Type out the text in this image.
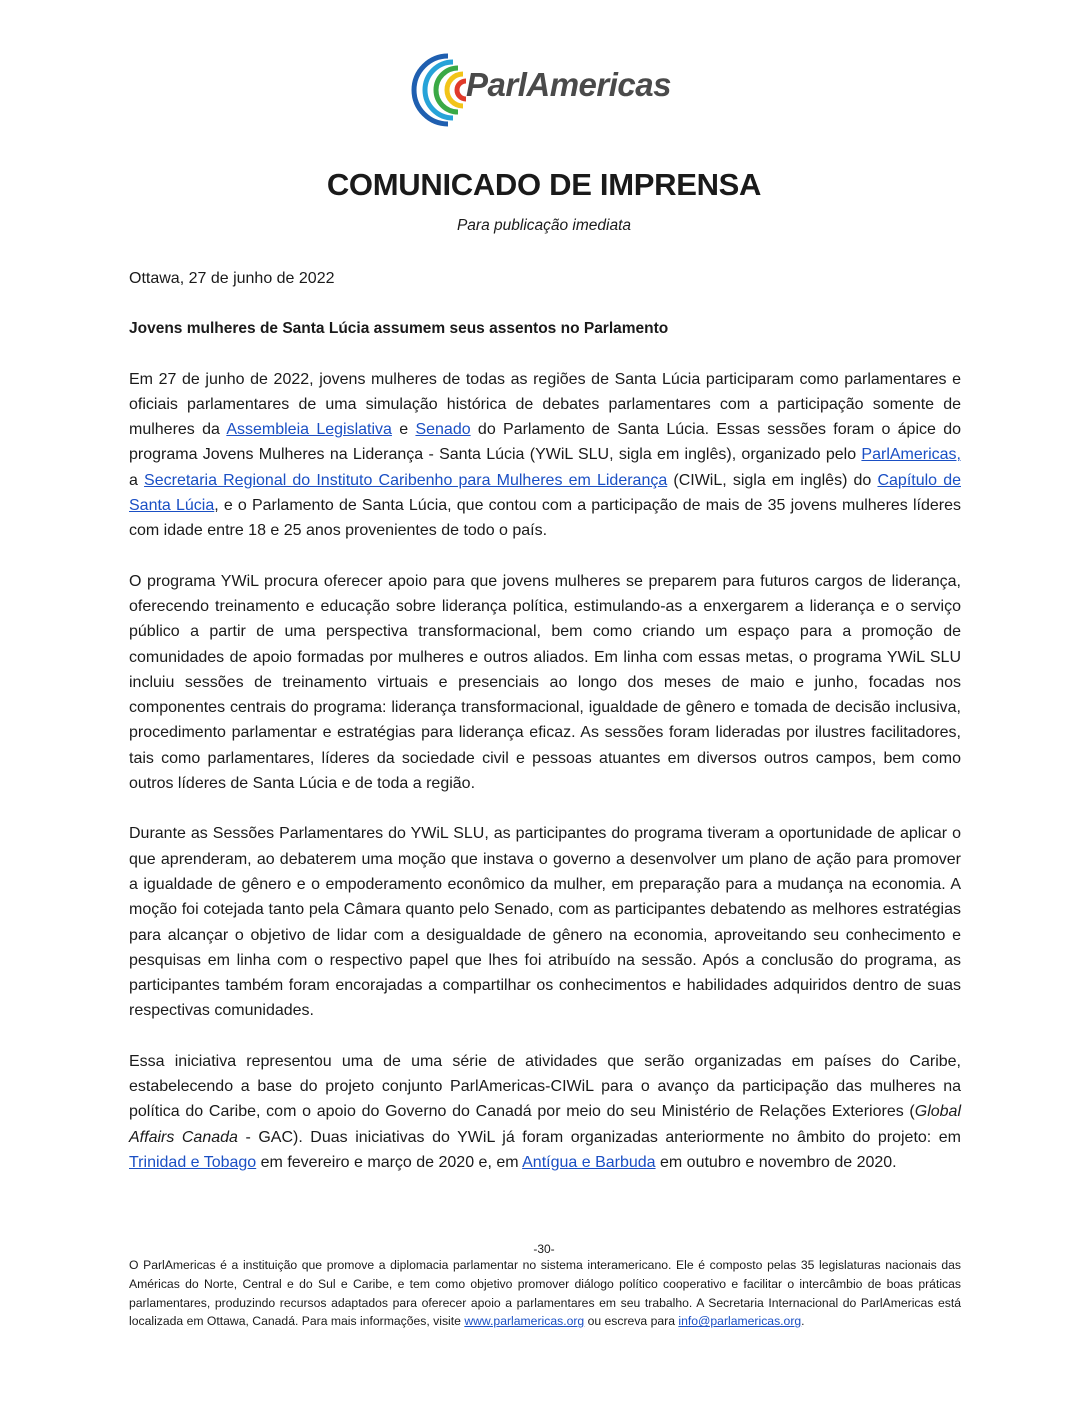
ParlAmericas
COMUNICADO DE IMPRENSA

Para publicação imediata

Ottawa, 27 de junho de 2022

Jovens mulheres de Santa Lúcia assumem seus assentos no Parlamento

Em 27 de junho de 2022, jovens mulheres de todas as regiões de Santa Lúcia participaram como parlamentares e oficiais parlamentares de uma simulação histórica de debates parlamentares com a participação somente de mulheres da Assembleia Legislativa e Senado do Parlamento de Santa Lúcia. Essas sessões foram o ápice do programa Jovens Mulheres na Liderança - Santa Lúcia (YWiL SLU, sigla em inglês), organizado pelo ParlAmericas, a Secretaria Regional do Instituto Caribenho para Mulheres em Liderança (CIWiL, sigla em inglês) do Capítulo de Santa Lúcia, e o Parlamento de Santa Lúcia, que contou com a participação de mais de 35 jovens mulheres líderes com idade entre 18 e 25 anos provenientes de todo o país.

O programa YWiL procura oferecer apoio para que jovens mulheres se preparem para futuros cargos de liderança, oferecendo treinamento e educação sobre liderança política, estimulando-as a enxergarem a liderança e o serviço público a partir de uma perspectiva transformacional, bem como criando um espaço para a promoção de comunidades de apoio formadas por mulheres e outros aliados. Em linha com essas metas, o programa YWiL SLU incluiu sessões de treinamento virtuais e presenciais ao longo dos meses de maio e junho, focadas nos componentes centrais do programa: liderança transformacional, igualdade de gênero e tomada de decisão inclusiva, procedimento parlamentar e estratégias para liderança eficaz. As sessões foram lideradas por ilustres facilitadores, tais como parlamentares, líderes da sociedade civil e pessoas atuantes em diversos outros campos, bem como outros líderes de Santa Lúcia e de toda a região.

Durante as Sessões Parlamentares do YWiL SLU, as participantes do programa tiveram a oportunidade de aplicar o que aprenderam, ao debaterem uma moção que instava o governo a desenvolver um plano de ação para promover a igualdade de gênero e o empoderamento econômico da mulher, em preparação para a mudança na economia. A moção foi cotejada tanto pela Câmara quanto pelo Senado, com as participantes debatendo as melhores estratégias para alcançar o objetivo de lidar com a desigualdade de gênero na economia, aproveitando seu conhecimento e pesquisas em linha com o respectivo papel que lhes foi atribuído na sessão. Após a conclusão do programa, as participantes também foram encorajadas a compartilhar os conhecimentos e habilidades adquiridos dentro de suas respectivas comunidades.

Essa iniciativa representou uma de uma série de atividades que serão organizadas em países do Caribe, estabelecendo a base do projeto conjunto ParlAmericas-CIWiL para o avanço da participação das mulheres na política do Caribe, com o apoio do Governo do Canadá por meio do seu Ministério de Relações Exteriores (Global Affairs Canada - GAC). Duas iniciativas do YWiL já foram organizadas anteriormente no âmbito do projeto: em Trinidad e Tobago em fevereiro e março de 2020 e, em Antígua e Barbuda em outubro e novembro de 2020.

-30-
O ParlAmericas é a instituição que promove a diplomacia parlamentar no sistema interamericano. Ele é composto pelas 35 legislaturas nacionais das Américas do Norte, Central e do Sul e Caribe, e tem como objetivo promover diálogo político cooperativo e facilitar o intercâmbio de boas práticas parlamentares, produzindo recursos adaptados para oferecer apoio a parlamentares em seu trabalho. A Secretaria Internacional do ParlAmericas está localizada em Ottawa, Canadá. Para mais informações, visite www.parlamericas.org ou escreva para info@parlamericas.org.
